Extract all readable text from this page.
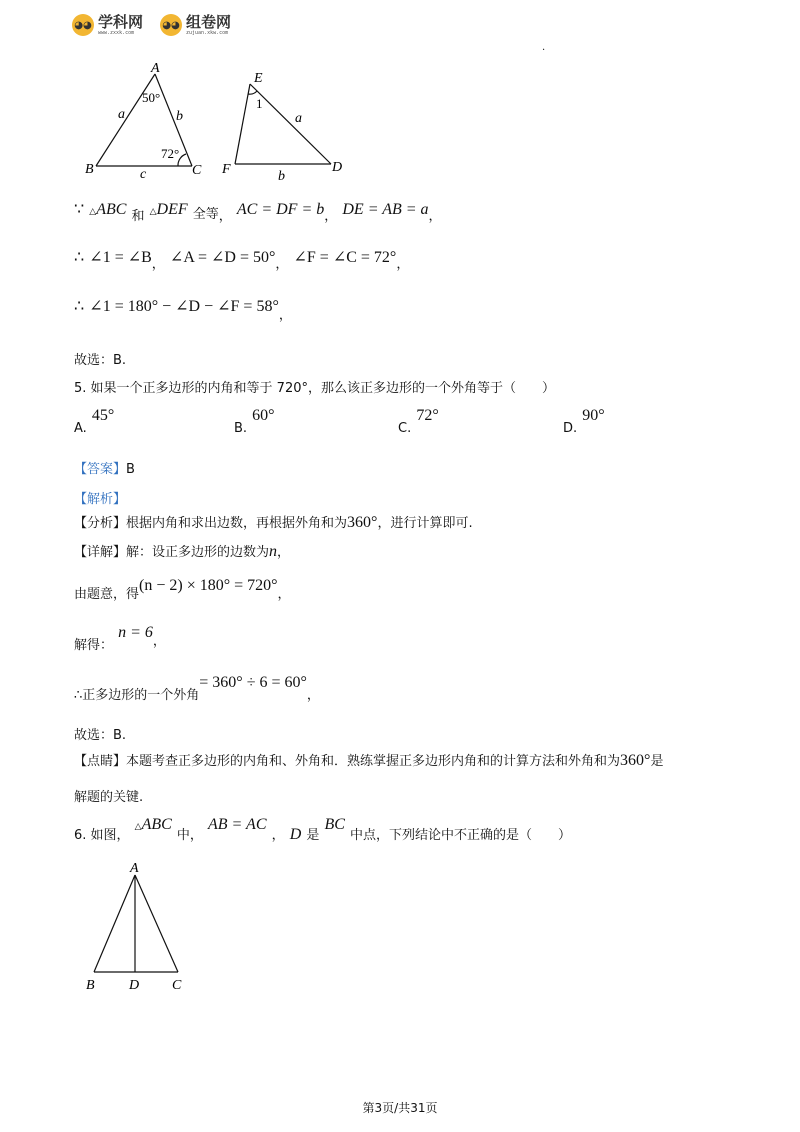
◕◕ 学科网
www.zxxk.com
◕◕ 组卷网
zujuan.xkw.com
.
A
B	C
a	b
c
50°
72°
E
F	D
a
b
1
∵ △ABC $_和$ △DEF $_{全等,}$ AC = DF = $b_,$ DE = AB = $a_,$
∴ ∠1 = $\angle B_,$ ∠A = ∠D = $50^\circ_,$ ∠F = ∠C = $72^\circ_,$
∴ ∠1 = 180° − ∠D − ∠F = $58^\circ_,$
故选：B.
5. 如果一个正多边形的内角和等于 720°，那么该正多边形的一个外角等于（　　）
$_{A.}$ 45°
$_{B.}$ 60°
$_{C.}$ 72°
$_{D.}$ 90°
【答案】B
【解析】
【分析】根据内角和求出边数，再根据外角和为360°，进行计算即可.
【详解】解：设正多边形的边数为n，
$_{由题意,得}(n - 2) \times 180^\circ = 720^\circ_,$
$_{解得:}$ $n = 6_,$
$_{\therefore 正多边形的一个外角}= 360^\circ \div 6 = 60^\circ_,$
故选：B.
【点睛】本题考查正多边形的内角和、外角和．熟练掌握正多边形内角和的计算方法和外角和为360°是
解题的关键.
$_{6. 如图,}$ △ABC $_{中,}$ AB = AC $_,$ D $_是$ BC $_{中点,下列结论中不正确的是( )}$
A
B D C
第3页/共31页
